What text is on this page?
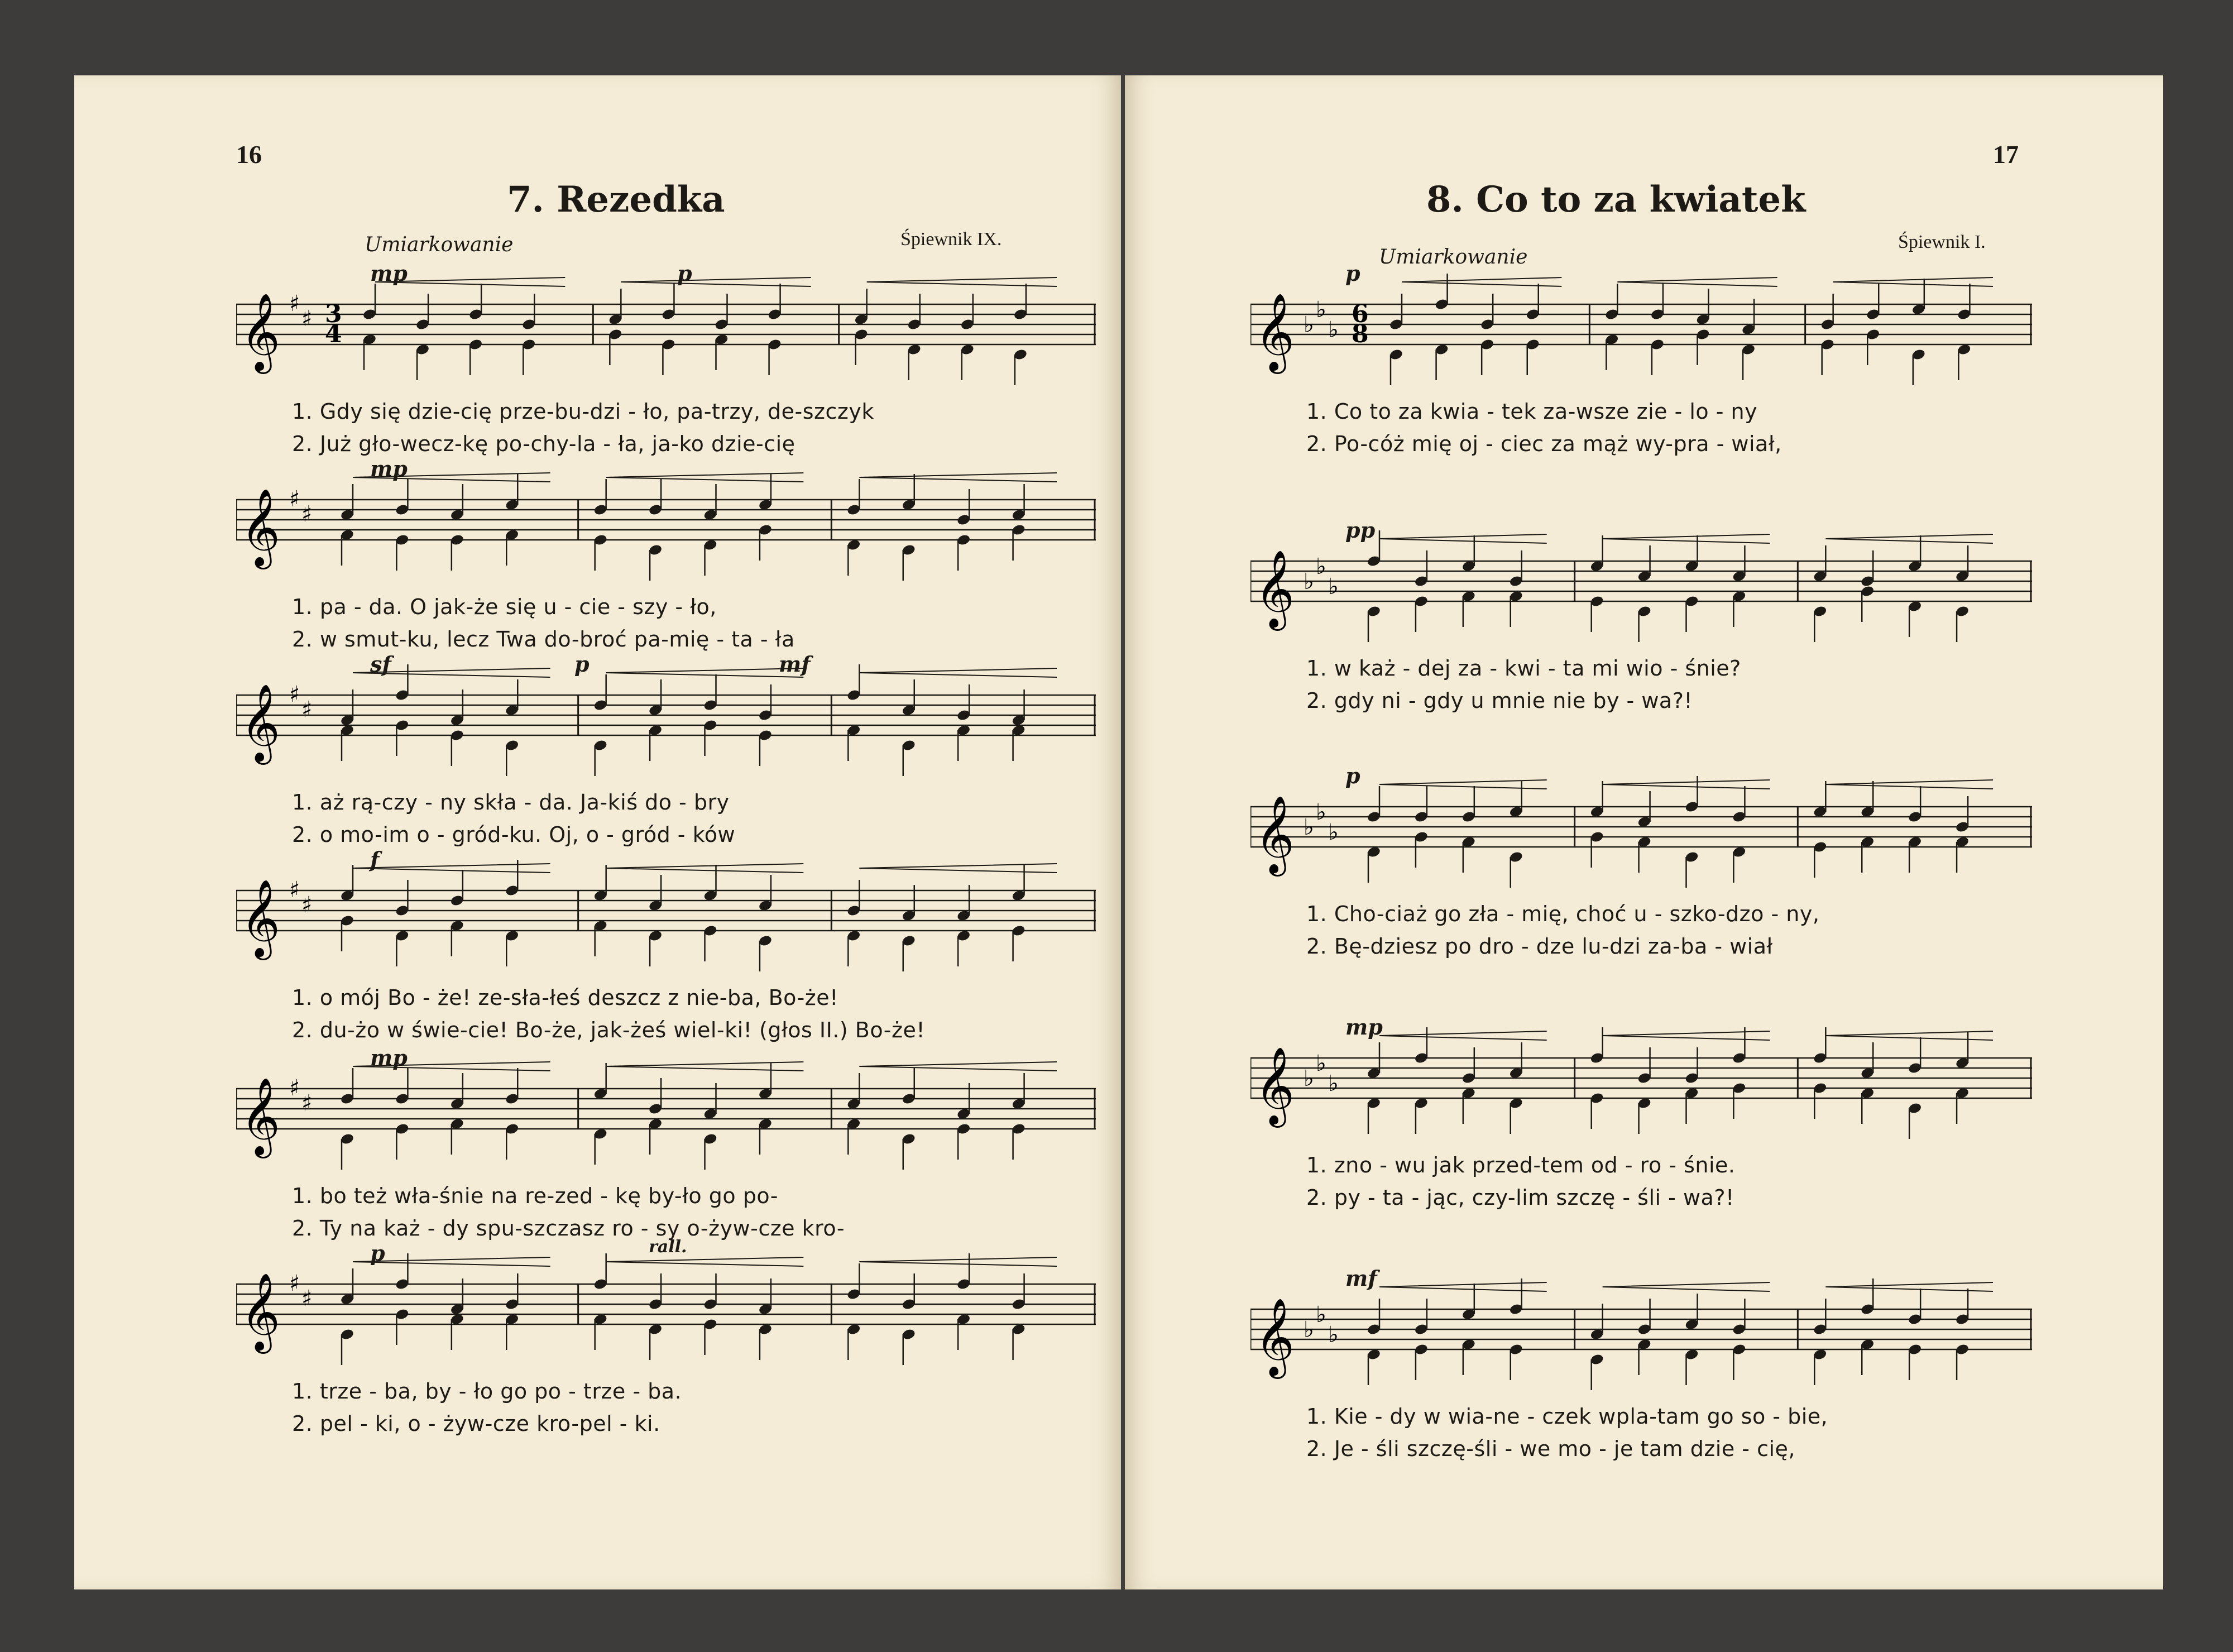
16
7. Rezedka
Umiarkowanie	Śpiewnik IX.
𝄞 ♯
♯ 3
4
mp	p
1. Gdy się dzie-cię prze-bu-dzi - ło, pa-trzy, de-szczyk
2. Już gło-wecz-kę po-chy-la - ła, ja-ko dzie-cię
𝄞 ♯
♯
mp
1. pa - da. O jak-że się u - cie - szy - ło,
2. w smut-ku, lecz Twa do-broć pa-mię - ta - ła
𝄞 ♯
♯
sf	p	mf
1. aż rą-czy - ny skła - da. Ja-kiś do - bry
2. o mo-im o - gród-ku. Oj, o - gród - ków
𝄞 ♯
♯
f
1. o mój Bo - że! ze-sła-łeś deszcz z nie-ba, Bo-że!
2. du-żo w świe-cie! Bo-że, jak-żeś wiel-ki! (głos II.) Bo-że!
𝄞 ♯
♯
mp
1. bo też wła-śnie na re-zed - kę by-ło go po-
2. Ty na każ - dy spu-szczasz ro - sy o-żyw-cze kro-
𝄞 ♯
♯
p	rall.
1. trze - ba, by - ło go po - trze - ba.
2. pel - ki, o - żyw-cze kro-pel - ki.
17
8. Co to za kwiatek
Umiarkowanie
Śpiewnik I.
𝄞 ♭
♭
♭
6
8
p
1. Co to za kwia - tek za-wsze zie - lo - ny
2. Po-cóż mię oj - ciec za mąż wy-pra - wiał,
𝄞 ♭
♭
♭
pp
1. w każ - dej za - kwi - ta mi wio - śnie?
2. gdy ni - gdy u mnie nie by - wa?!
𝄞 ♭
♭
♭
p
1. Cho-ciaż go zła - mię, choć u - szko-dzo - ny,
2. Bę-dziesz po dro - dze lu-dzi za-ba - wiał
𝄞 ♭
♭
♭
mp
1. zno - wu jak przed-tem od - ro - śnie.
2. py - ta - jąc, czy-lim szczę - śli - wa?!
𝄞 ♭
♭
♭
mf
1. Kie - dy w wia-ne - czek wpla-tam go so - bie,
2. Je - śli szczę-śli - we mo - je tam dzie - cię,
